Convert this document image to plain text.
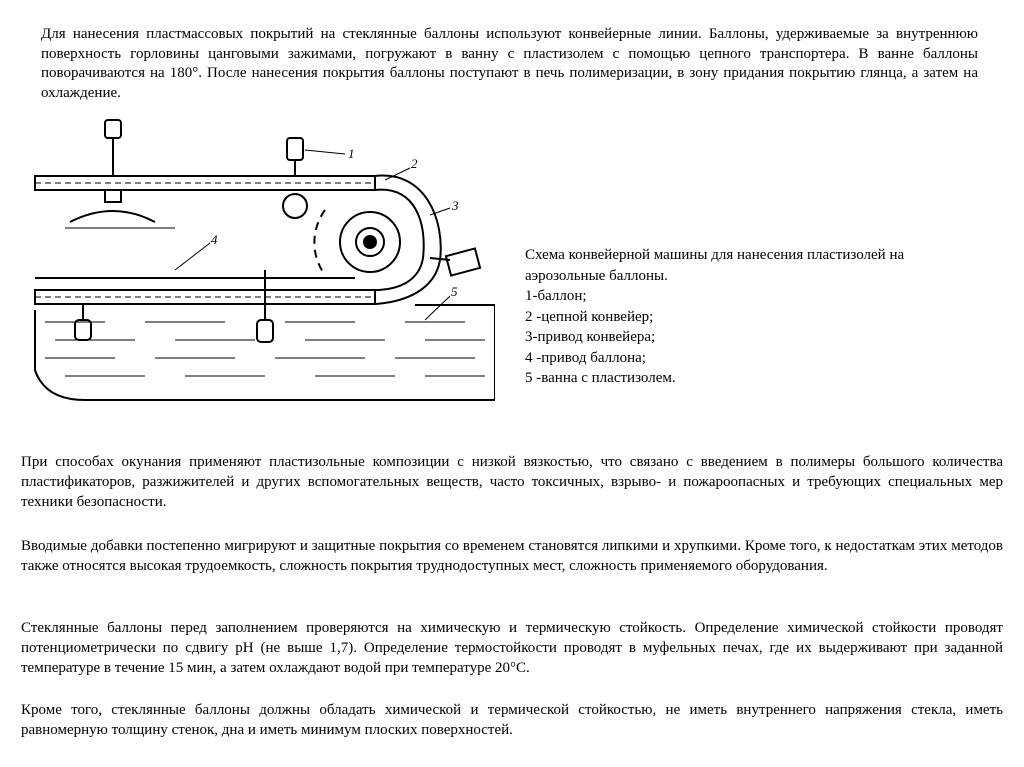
Для нанесения пластмассовых покрытий на стеклянные баллоны используют конвейерные линии. Баллоны, удерживаемые за внутреннюю поверхность горловины цанговыми зажимами, погружают в ванну с пластизолем с помощью цепного транспортера. В ванне баллоны поворачиваются на 180°. После нанесения покрытия баллоны поступают в печь полимеризации, в зону придания покрытию глянца, а затем на охлаждение.

1
2
3
4
5
Схема конвейерной машины для нанесения пластизолей на
аэрозольные баллоны.
1-баллон;
2 -цепной конвейер;
3-привод конвейера;
4 -привод баллона;
5 -ванна с пластизолем.

При способах окунания применяют пластизольные композиции с низкой вязкостью, что связано с введением в полимеры большого количества пластификаторов, разжижителей и других вспомогательных веществ, часто токсичных, взрыво- и пожароопасных и требующих специальных мер техники безопасности.

Вводимые добавки постепенно мигрируют и защитные покрытия со временем становятся липкими и хрупкими. Кроме того, к недостаткам этих методов также относятся высокая трудоемкость, сложность покрытия труднодоступных мест, сложность применяемого оборудования.

Стеклянные баллоны перед заполнением проверяются на химическую и термическую стойкость. Определение химической стойкости проводят потенциометрически по сдвигу pH (не выше 1,7). Определение термостойкости проводят в муфельных печах, где их выдерживают при заданной температуре в течение 15 мин, а затем охлаждают водой при температуре 20°C.

Кроме того, стеклянные баллоны должны обладать химической и термической стойкостью, не иметь внутреннего напряжения стекла, иметь равномерную толщину стенок, дна и иметь минимум плоских поверхностей.
